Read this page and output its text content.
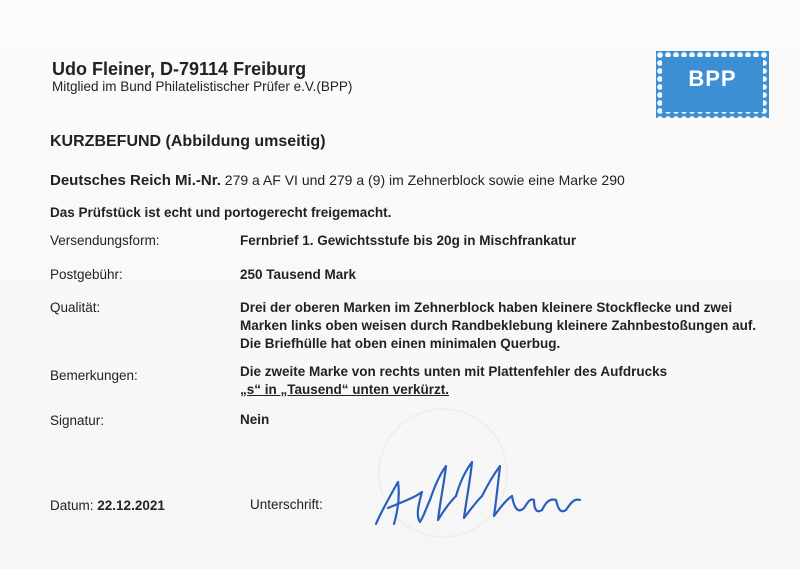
Udo Fleiner, D-79114 Freiburg
Mitglied im Bund Philatelistischer Prüfer e.V.(BPP)	BPP
KURZBEFUND (Abbildung umseitig)
Deutsches Reich Mi.-Nr. 279 a AF VI und 279 a (9) im Zehnerblock sowie eine Marke 290
Das Prüfstück ist echt und portogerecht freigemacht.
Versendungsform:	Fernbrief 1. Gewichtsstufe bis 20g in Mischfrankatur
Postgebühr:	250 Tausend Mark
Qualität:	Drei der oberen Marken im Zehnerblock haben kleinere Stockflecke und zwei
Marken links oben weisen durch Randbeklebung kleinere Zahnbestoßungen auf.
Die Briefhülle hat oben einen minimalen Querbug.
Bemerkungen:	Die zweite Marke von rechts unten mit Plattenfehler des Aufdrucks
„s“ in „Tausend“ unten verkürzt.
Signatur:	Nein
Datum: 22.12.2021	Unterschrift:
